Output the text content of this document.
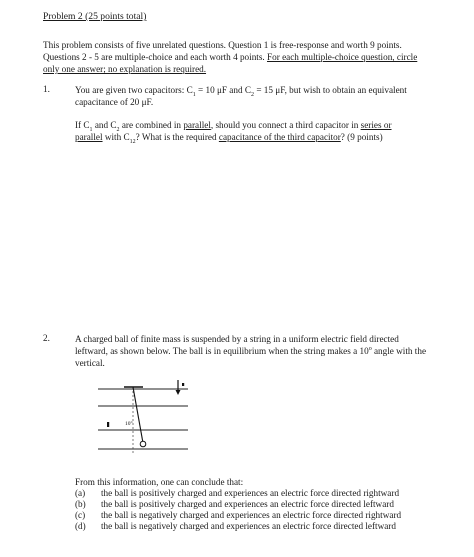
Problem 2 (25 points total)
This problem consists of five unrelated questions. Question 1 is free-response and worth 9 points. Questions 2 - 5 are multiple-choice and each worth 4 points. For each multiple-choice question, circle only one answer; no explanation is required.
1.	You are given two capacitors: $C_1 = 10$ μF and $C_2 = 15$ μF, but wish to obtain an equivalent capacitance of 20 μF.
If $C_1$ and $C_2$ are combined in parallel, should you connect a third capacitor in series or
parallel with $C_{12}$? What is the required capacitance of the third capacitor? (9 points)
2.	A charged ball of finite mass is suspended by a string in a uniform electric field directed leftward, as shown below. The ball is in equilibrium when the string makes a 10$^o$ angle with the vertical.
10°
From this information, one can conclude that:
(a) the ball is positively charged and experiences an electric force directed rightward
(b) the ball is positively charged and experiences an electric force directed leftward
(c) the ball is negatively charged and experiences an electric force directed rightward
(d) the ball is negatively charged and experiences an electric force directed leftward
